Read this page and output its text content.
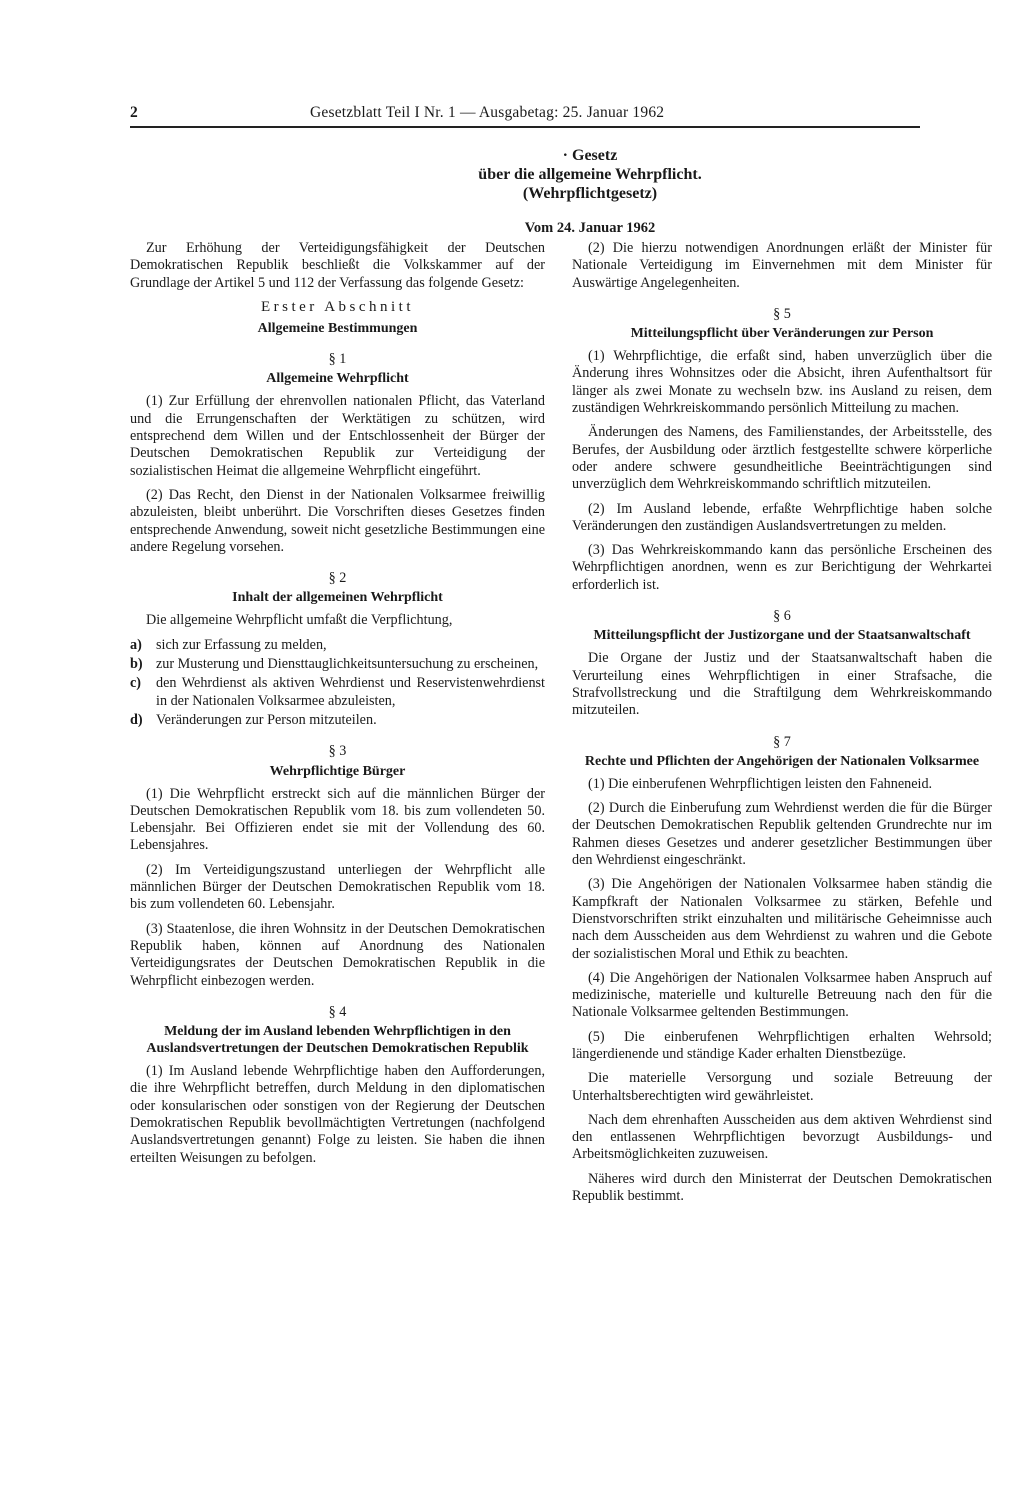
2	Gesetzblatt Teil I Nr. 1 — Ausgabetag: 25. Januar 1962
· Gesetz
über die allgemeine Wehrpflicht.
(Wehrpflichtgesetz)
Vom 24. Januar 1962

Zur Erhöhung der Verteidigungsfähigkeit der Deutschen Demokratischen Republik beschließt die Volkskammer auf der Grundlage der Artikel 5 und 112 der Verfassung das folgende Gesetz:

Erster Abschnitt
Allgemeine Bestimmungen
§ 1
Allgemeine Wehrpflicht

(1) Zur Erfüllung der ehrenvollen nationalen Pflicht, das Vaterland und die Errungenschaften der Werktätigen zu schützen, wird entsprechend dem Willen und der Entschlossenheit der Bürger der Deutschen Demokratischen Republik zur Verteidigung der sozialistischen Heimat die allgemeine Wehrpflicht eingeführt.

(2) Das Recht, den Dienst in der Nationalen Volksarmee freiwillig abzuleisten, bleibt unberührt. Die Vorschriften dieses Gesetzes finden entsprechende Anwendung, soweit nicht gesetzliche Bestimmungen eine andere Regelung vorsehen.

§ 2
Inhalt der allgemeinen Wehrpflicht

Die allgemeine Wehrpflicht umfaßt die Verpflichtung,

a) sich zur Erfassung zu melden,
b) zur Musterung und Diensttauglichkeitsuntersuchung zu erscheinen,
c)	den Wehrdienst als aktiven Wehrdienst und Reservistenwehrdienst in der Nationalen Volksarmee abzuleisten,
d) Veränderungen zur Person mitzuteilen.
§ 3
Wehrpflichtige Bürger

(1) Die Wehrpflicht erstreckt sich auf die männlichen Bürger der Deutschen Demokratischen Republik vom 18. bis zum vollendeten 50. Lebensjahr. Bei Offizieren endet sie mit der Vollendung des 60. Lebensjahres.

(2) Im Verteidigungszustand unterliegen der Wehrpflicht alle männlichen Bürger der Deutschen Demokratischen Republik vom 18. bis zum vollendeten 60. Lebensjahr.

(3) Staatenlose, die ihren Wohnsitz in der Deutschen Demokratischen Republik haben, können auf Anordnung des Nationalen Verteidigungsrates der Deutschen Demokratischen Republik in die Wehrpflicht einbezogen werden.

§ 4
Meldung der im Ausland lebenden Wehrpflichtigen in den Auslandsvertretungen der Deutschen Demokratischen Republik

(1) Im Ausland lebende Wehrpflichtige haben den Aufforderungen, die ihre Wehrpflicht betreffen, durch Meldung in den diplomatischen oder konsularischen oder sonstigen von der Regierung der Deutschen Demokratischen Republik bevollmächtigten Vertretungen (nachfolgend Auslandsvertretungen genannt) Folge zu leisten. Sie haben die ihnen erteilten Weisungen zu befolgen.

(2) Die hierzu notwendigen Anordnungen erläßt der Minister für Nationale Verteidigung im Einvernehmen mit dem Minister für Auswärtige Angelegenheiten.

§ 5
Mitteilungspflicht über Veränderungen zur Person

(1) Wehrpflichtige, die erfaßt sind, haben unverzüglich über die Änderung ihres Wohnsitzes oder die Absicht, ihren Aufenthaltsort für länger als zwei Monate zu wechseln bzw. ins Ausland zu reisen, dem zuständigen Wehrkreiskommando persönlich Mitteilung zu machen.

Änderungen des Namens, des Familienstandes, der Arbeitsstelle, des Berufes, der Ausbildung oder ärztlich festgestellte schwere körperliche oder andere schwere gesundheitliche Beeinträchtigungen sind unverzüglich dem Wehrkreiskommando schriftlich mitzuteilen.

(2) Im Ausland lebende, erfaßte Wehrpflichtige haben solche Veränderungen den zuständigen Auslandsvertretungen zu melden.

(3) Das Wehrkreiskommando kann das persönliche Erscheinen des Wehrpflichtigen anordnen, wenn es zur Berichtigung der Wehrkartei erforderlich ist.

§ 6
Mitteilungspflicht der Justizorgane und der Staatsanwaltschaft

Die Organe der Justiz und der Staatsanwaltschaft haben die Verurteilung eines Wehrpflichtigen in einer Strafsache, die Strafvollstreckung und die Straftilgung dem Wehrkreiskommando mitzuteilen.

§ 7
Rechte und Pflichten der Angehörigen der Nationalen Volksarmee

(1) Die einberufenen Wehrpflichtigen leisten den Fahneneid.

(2) Durch die Einberufung zum Wehrdienst werden die für die Bürger der Deutschen Demokratischen Republik geltenden Grundrechte nur im Rahmen dieses Gesetzes und anderer gesetzlicher Bestimmungen über den Wehrdienst eingeschränkt.

(3) Die Angehörigen der Nationalen Volksarmee haben ständig die Kampfkraft der Nationalen Volksarmee zu stärken, Befehle und Dienstvorschriften strikt einzuhalten und militärische Geheimnisse auch nach dem Ausscheiden aus dem Wehrdienst zu wahren und die Gebote der sozialistischen Moral und Ethik zu beachten.

(4) Die Angehörigen der Nationalen Volksarmee haben Anspruch auf medizinische, materielle und kulturelle Betreuung nach den für die Nationale Volksarmee geltenden Bestimmungen.

(5) Die einberufenen Wehrpflichtigen erhalten Wehrsold; längerdienende und ständige Kader erhalten Dienstbezüge.

Die materielle Versorgung und soziale Betreuung der Unterhaltsberechtigten wird gewährleistet.

Nach dem ehrenhaften Ausscheiden aus dem aktiven Wehrdienst sind den entlassenen Wehrpflichtigen bevorzugt Ausbildungs- und Arbeitsmöglichkeiten zuzuweisen.

Näheres wird durch den Ministerrat der Deutschen Demokratischen Republik bestimmt.
